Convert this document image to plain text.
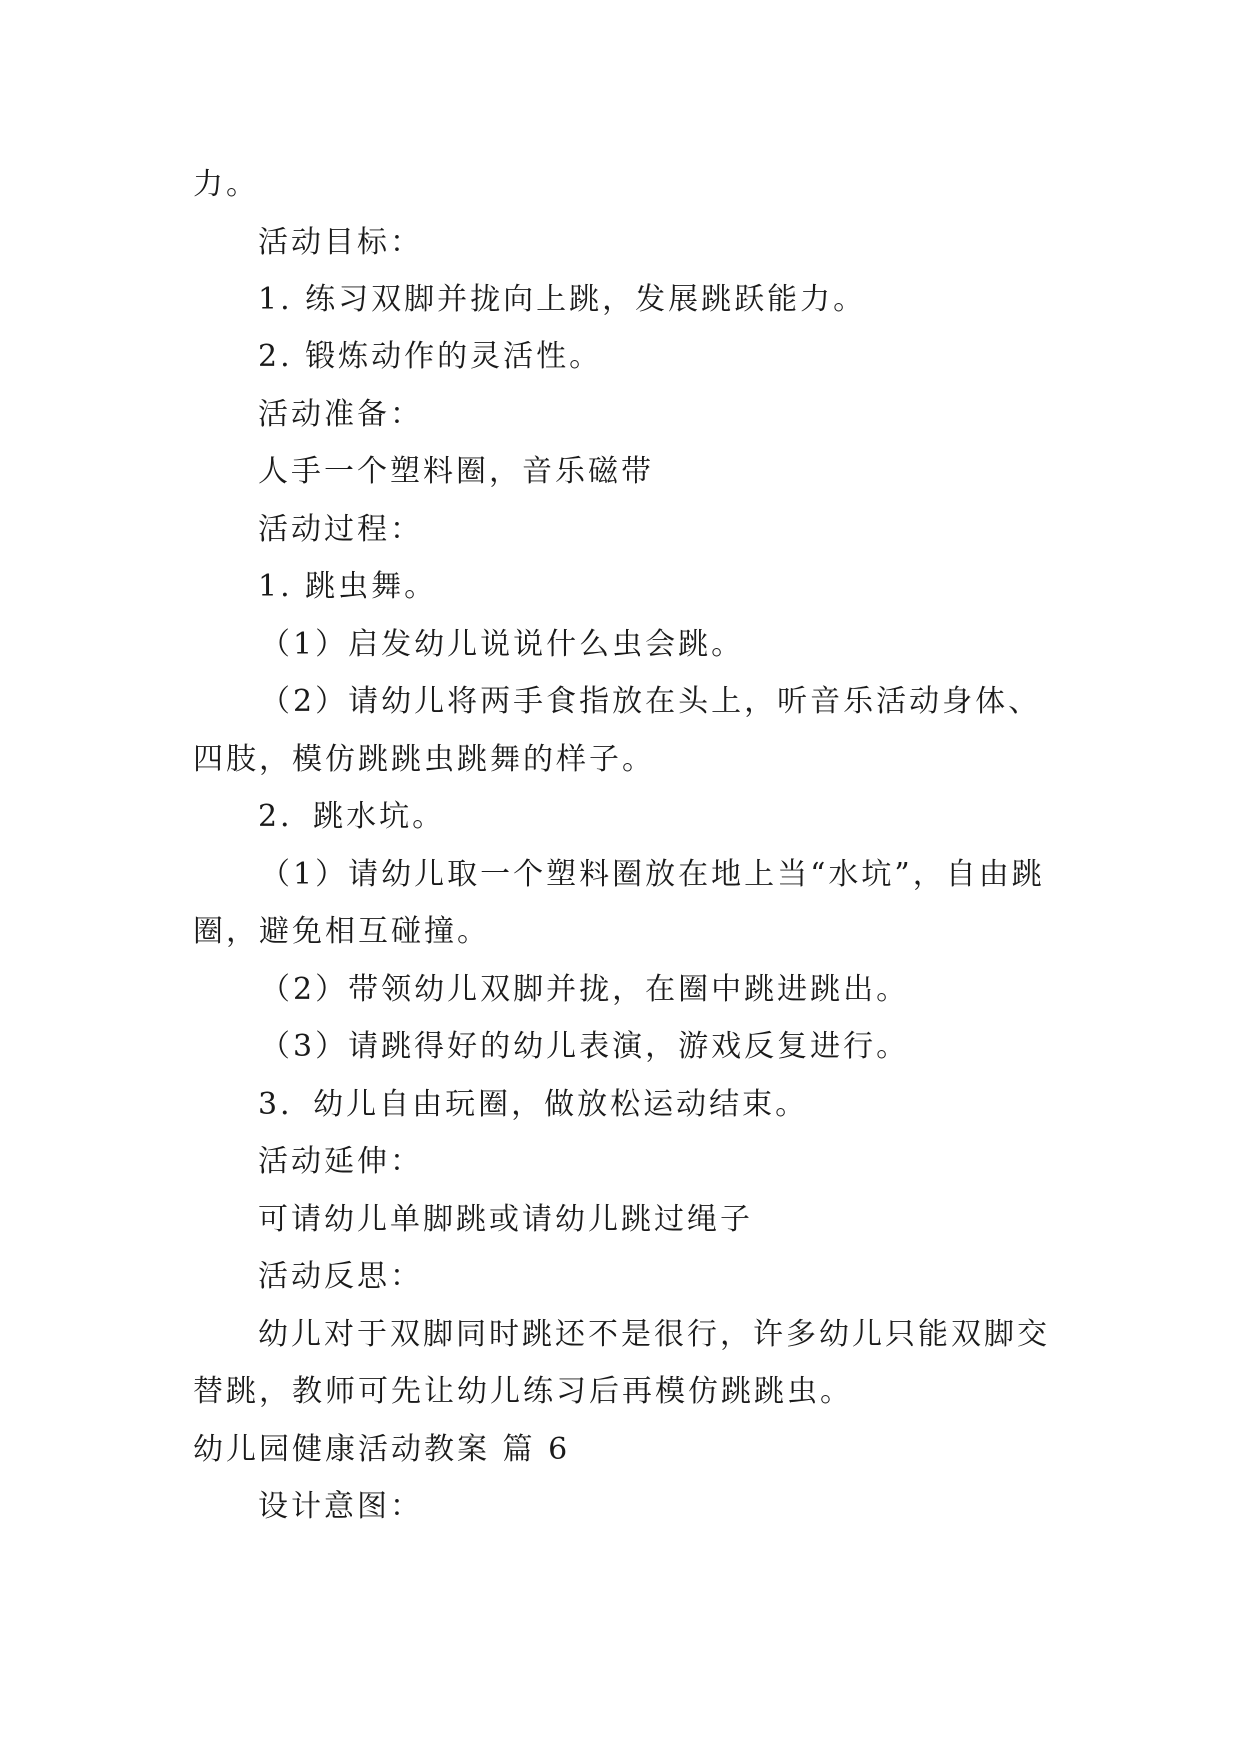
力。
活动目标：
1. 练习双脚并拢向上跳，发展跳跃能力。
2. 锻炼动作的灵活性。
活动准备：
人手一个塑料圈，音乐磁带
活动过程：
1. 跳虫舞。
（1）启发幼儿说说什么虫会跳。
（2）请幼儿将两手食指放在头上，听音乐活动身体、
四肢，模仿跳跳虫跳舞的样子。
2．跳水坑。
（1）请幼儿取一个塑料圈放在地上当“水坑”，自由跳
圈，避免相互碰撞。
（2）带领幼儿双脚并拢，在圈中跳进跳出。
（3）请跳得好的幼儿表演，游戏反复进行。
3．幼儿自由玩圈，做放松运动结束。
活动延伸：
可请幼儿单脚跳或请幼儿跳过绳子
活动反思：
幼儿对于双脚同时跳还不是很行，许多幼儿只能双脚交
替跳，教师可先让幼儿练习后再模仿跳跳虫。
幼儿园健康活动教案 篇 6
设计意图：
